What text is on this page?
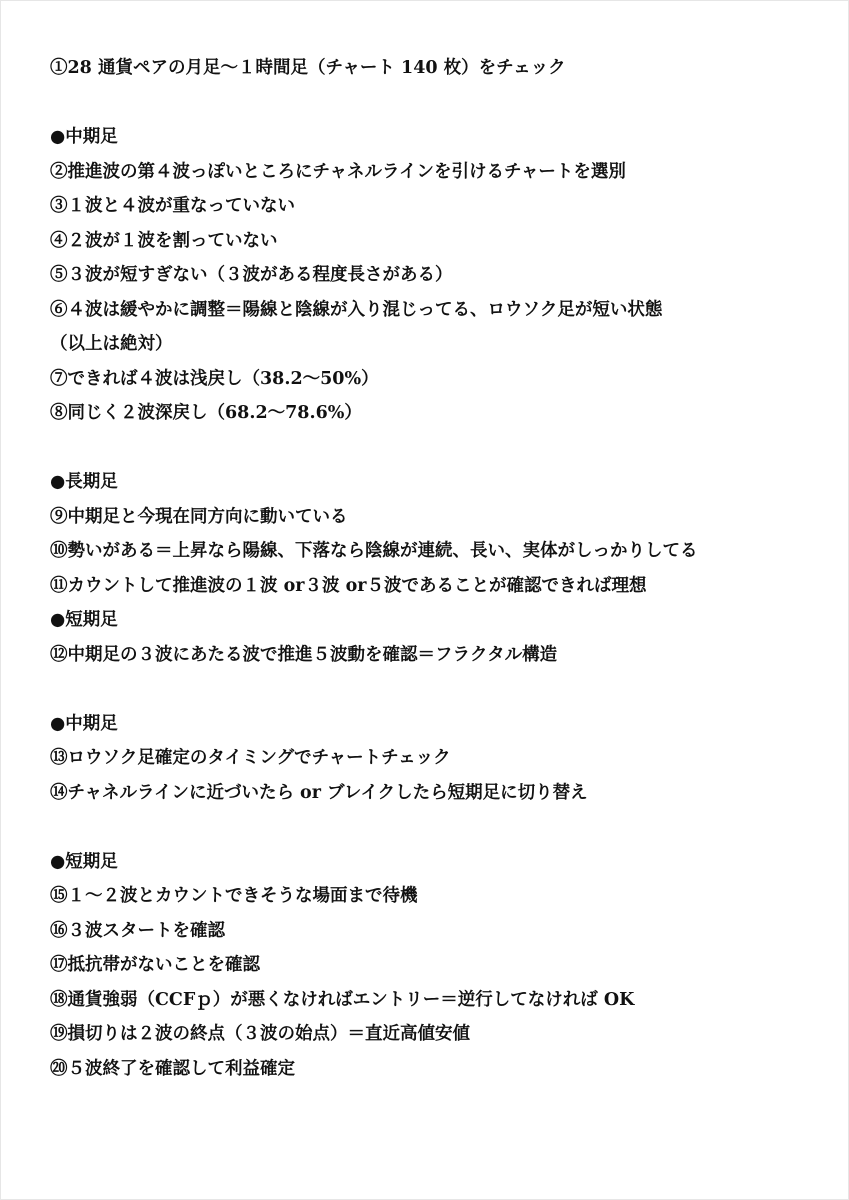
①28 通貨ペアの月足〜１時間足（チャート 140 枚）をチェック
●中期足
②推進波の第４波っぽいところにチャネルラインを引けるチャートを選別
③１波と４波が重なっていない
④２波が１波を割っていない
⑤３波が短すぎない（３波がある程度長さがある）
⑥４波は緩やかに調整＝陽線と陰線が入り混じってる、ロウソク足が短い状態
（以上は絶対）
⑦できれば４波は浅戻し（38.2〜50%）
⑧同じく２波深戻し（68.2〜78.6%）
●長期足
⑨中期足と今現在同方向に動いている
⑩勢いがある＝上昇なら陽線、下落なら陰線が連続、長い、実体がしっかりしてる
⑪カウントして推進波の１波 or３波 or５波であることが確認できれば理想
●短期足
⑫中期足の３波にあたる波で推進５波動を確認＝フラクタル構造
●中期足
⑬ロウソク足確定のタイミングでチャートチェック
⑭チャネルラインに近づいたら or ブレイクしたら短期足に切り替え
●短期足
⑮１〜２波とカウントできそうな場面まで待機
⑯３波スタートを確認
⑰抵抗帯がないことを確認
⑱通貨強弱（CCFｐ）が悪くなければエントリー＝逆行してなければ OK
⑲損切りは２波の終点（３波の始点）＝直近高値安値
⑳５波終了を確認して利益確定
